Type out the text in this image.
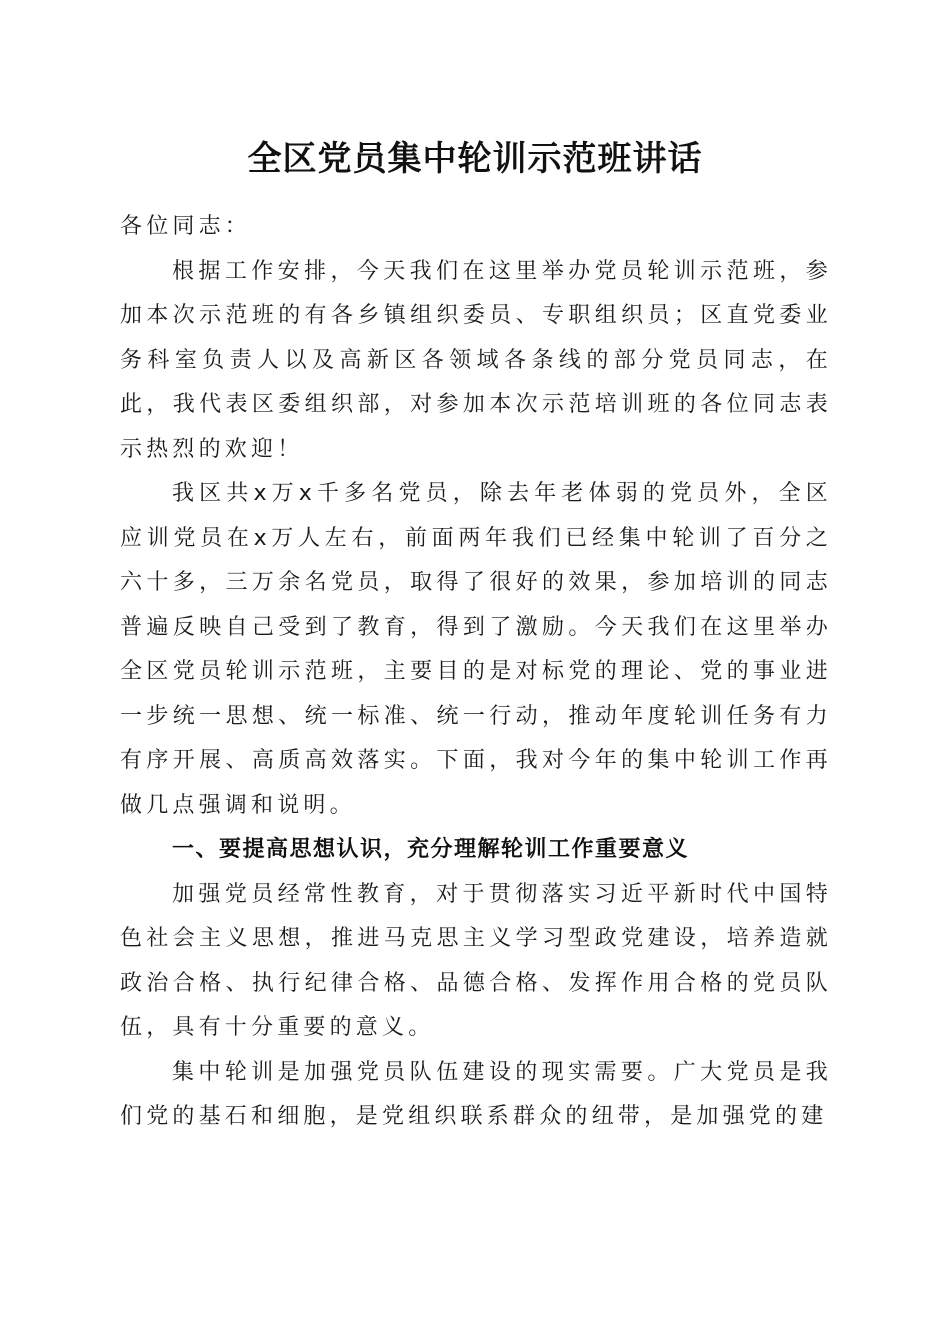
全区党员集中轮训示范班讲话

各位同志：

根据工作安排，今天我们在这里举办党员轮训示范班，参加本次示范班的有各乡镇组织委员、专职组织员；区直党委业务科室负责人以及高新区各领域各条线的部分党员同志，在此，我代表区委组织部，对参加本次示范培训班的各位同志表示热烈的欢迎！

我区共x万x千多名党员，除去年老体弱的党员外，全区应训党员在x万人左右，前面两年我们已经集中轮训了百分之六十多，三万余名党员，取得了很好的效果，参加培训的同志普遍反映自己受到了教育，得到了激励。今天我们在这里举办全区党员轮训示范班，主要目的是对标党的理论、党的事业进一步统一思想、统一标准、统一行动，推动年度轮训任务有力有序开展、高质高效落实。下面，我对今年的集中轮训工作再做几点强调和说明。

一、要提高思想认识，充分理解轮训工作重要意义

加强党员经常性教育，对于贯彻落实习近平新时代中国特色社会主义思想，推进马克思主义学习型政党建设，培养造就政治合格、执行纪律合格、品德合格、发挥作用合格的党员队伍，具有十分重要的意义。

集中轮训是加强党员队伍建设的现实需要。广大党员是我们党的基石和细胞，是党组织联系群众的纽带，是加强党的建
